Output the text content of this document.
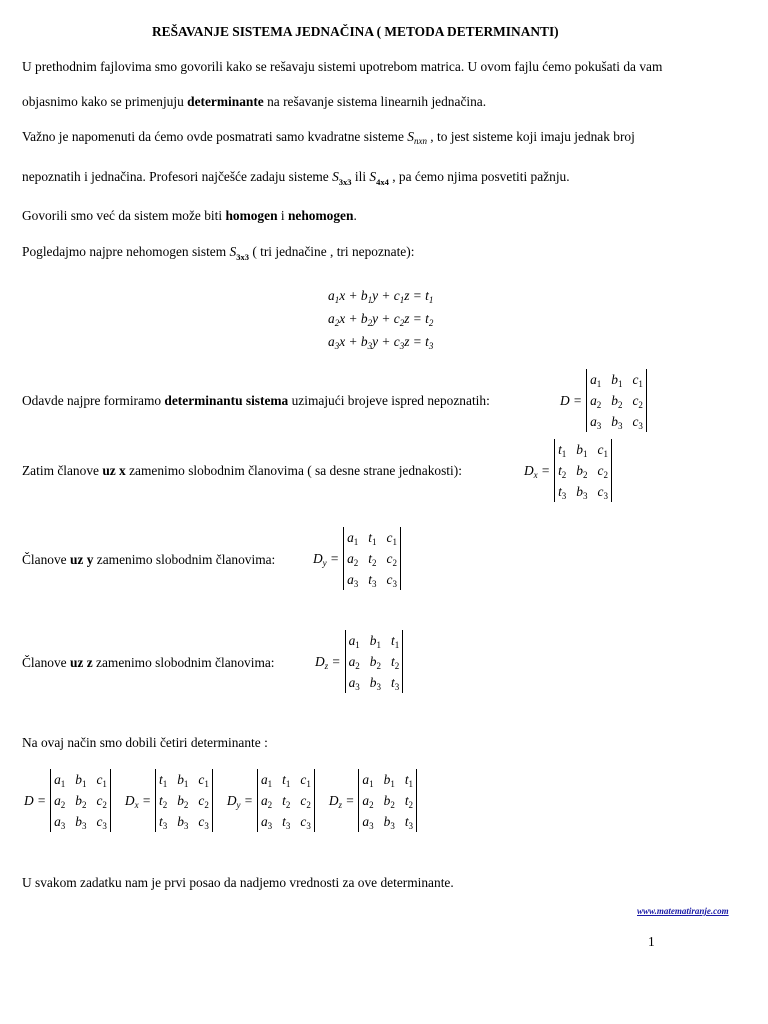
REŠAVANJE SISTEMA JEDNAČINA ( METODA DETERMINANTI)
U prethodnim fajlovima smo govorili kako se rešavaju sistemi upotrebom matrica. U ovom fajlu ćemo pokušati da vam
objasnimo kako se primenjuju determinante na rešavanje sistema linearnih jednačina.
Važno je napomenuti da ćemo ovde posmatrati samo kvadratne sisteme $S_{nxn}$ , to jest sisteme koji imaju jednak broj
nepoznatih i jednačina. Profesori najčešće zadaju sisteme $S_{3x3}$ ili $S_{4x4}$ , pa ćemo njima posvetiti pažnju.
Govorili smo već da sistem može biti homogen i nehomogen.
Pogledajmo najpre nehomogen sistem $S_{3x3}$ ( tri jednačine , tri nepoznate):
$a_1x + b_1y + c_1z = t_1$
$a_2x + b_2y + c_2z = t_2$
$a_3x + b_3y + c_3z = t_3$
Odavde najpre formiramo determinantu sistema uzimajući brojeve ispred nepoznatih:	D =
$a_1$ $b_1$ $c_1$
$a_2$ $b_2$ $c_2$
$a_3$ $b_3$ $c_3$
Zatim članove uz x zamenimo slobodnim članovima ( sa desne strane jednakosti):	$D_x$ =
$t_1$ $b_1$ $c_1$
$t_2$ $b_2$ $c_2$
$t_3$ $b_3$ $c_3$
Članove uz y zamenimo slobodnim članovima:	$D_y$ =
$a_1$ $t_1$ $c_1$
$a_2$ $t_2$ $c_2$
$a_3$ $t_3$ $c_3$
Članove uz z zamenimo slobodnim članovima:	$D_z$ =
$a_1$ $b_1$ $t_1$
$a_2$ $b_2$ $t_2$
$a_3$ $b_3$ $t_3$
Na ovaj način smo dobili četiri determinante :
D =
$a_1$ $b_1$ $c_1$
$a_2$ $b_2$ $c_2$
$a_3$ $b_3$ $c_3$
$D_x$ =
$t_1$ $b_1$ $c_1$
$t_2$ $b_2$ $c_2$
$t_3$ $b_3$ $c_3$
$D_y$ =
$a_1$ $t_1$ $c_1$
$a_2$ $t_2$ $c_2$
$a_3$ $t_3$ $c_3$
$D_z$ =
$a_1$ $b_1$ $t_1$
$a_2$ $b_2$ $t_2$
$a_3$ $b_3$ $t_3$
U svakom zadatku nam je prvi posao da nadjemo vrednosti za ove determinante.
www.matematiranje.com
1
